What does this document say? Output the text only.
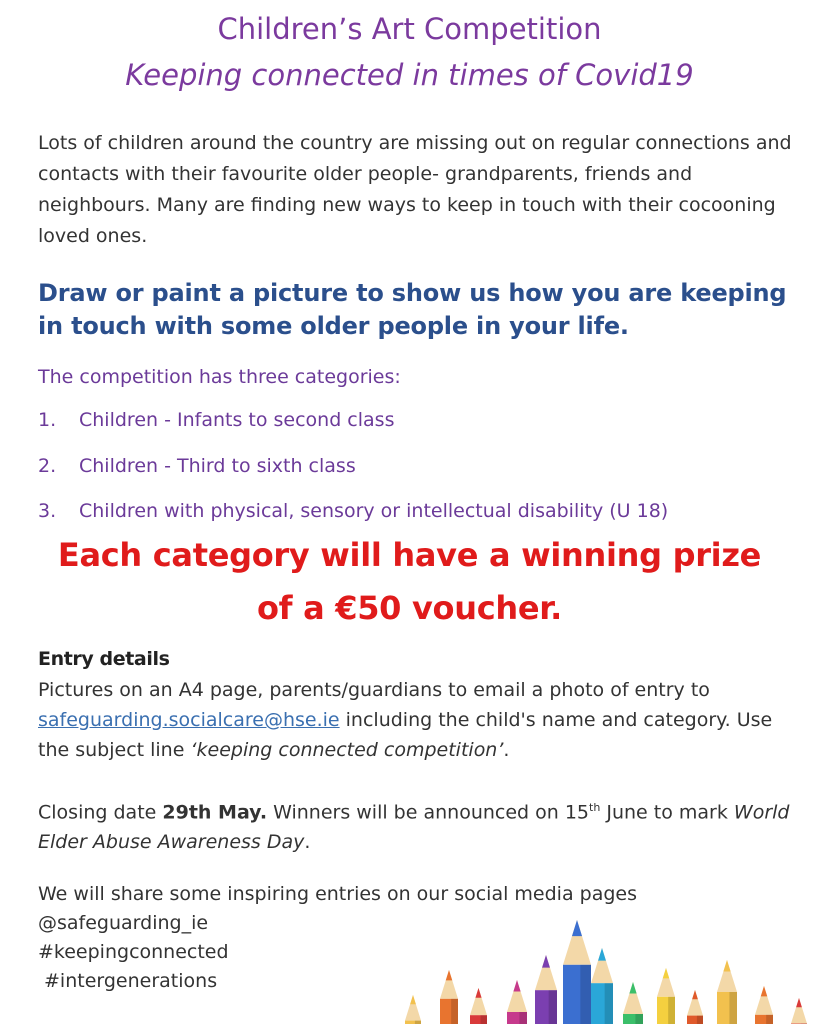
Children’s Art Competition
Keeping connected in times of Covid19
Lots of children around the country are missing out on regular connections and contacts with their favourite older people- grandparents, friends and neighbours. Many are finding new ways to keep in touch with their cocooning loved ones.
Draw or paint a picture to show us how you are keeping in touch with some older people in your life.
The competition has three categories:
1. Children - Infants to second class
2. Children - Third to sixth class
3. Children with physical, sensory or intellectual disability (U 18)
Each category will have a winning prize
of a €50 voucher.
Entry details
Pictures on an A4 page, parents/guardians to email a photo of entry to safeguarding.socialcare@hse.ie including the child's name and category. Use the subject line ‘keeping connected competition’.
Closing date 29th May. Winners will be announced on 15th June to mark World Elder Abuse Awareness Day.
We will share some inspiring entries on our social media pages
@safeguarding_ie
#keepingconnected
#intergenerations
